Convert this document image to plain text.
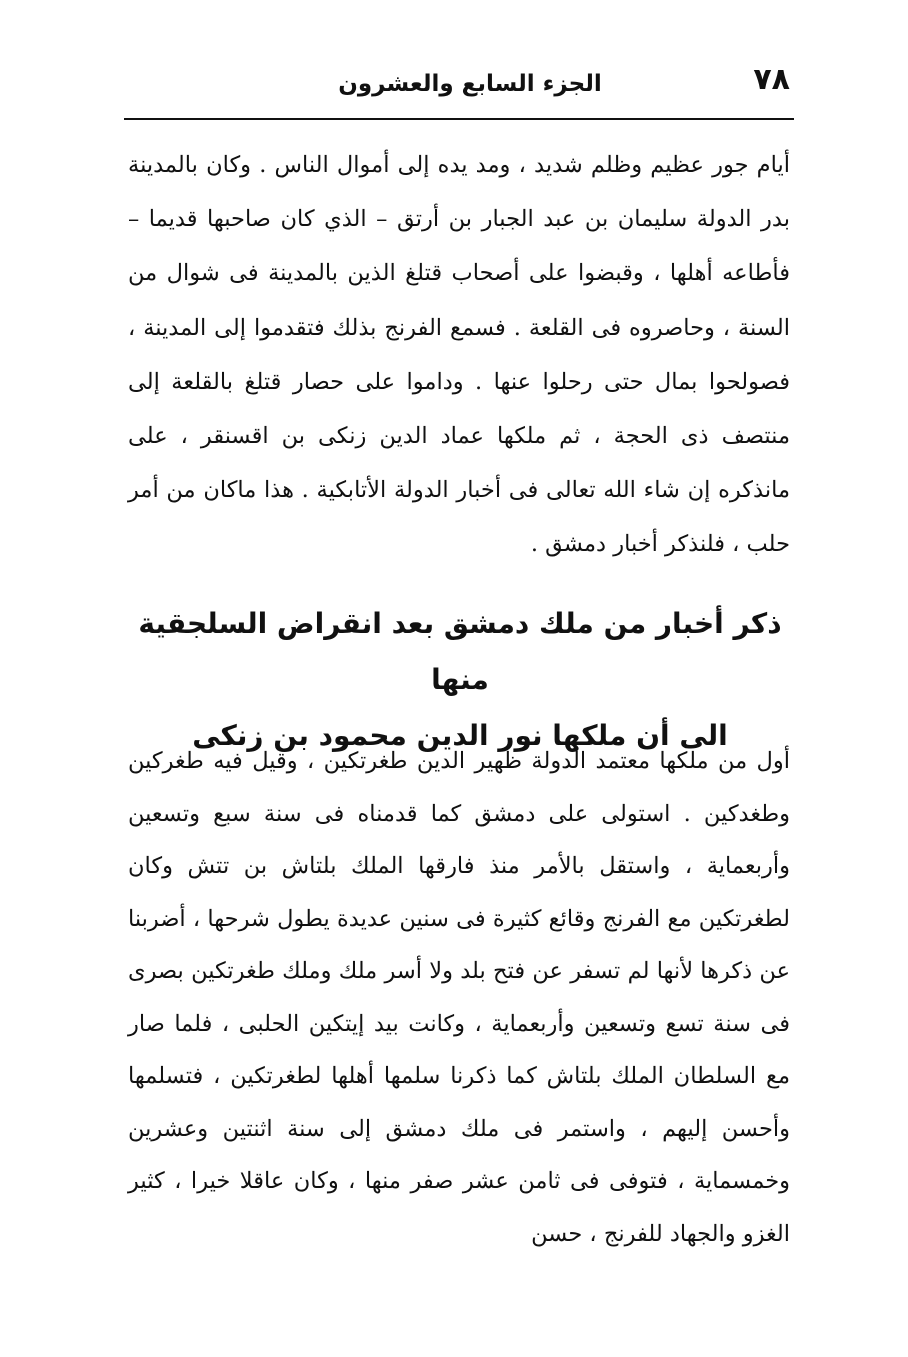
٧٨
الجزء السابع والعشرون

أيام جور عظيم وظلم شديد ، ومد يده إلى أموال الناس . وكان بالمدينة بدر الدولة سليمان بن عبد الجبار بن أرتق – الذي كان صاحبها قديما – فأطاعه أهلها ، وقبضوا على أصحاب قتلغ الذين بالمدينة فى شوال من السنة ، وحاصروه فى القلعة . فسمع الفرنج بذلك فتقدموا إلى المدينة ، فصولحوا بمال حتى رحلوا عنها . وداموا على حصار قتلغ بالقلعة إلى منتصف ذى الحجة ، ثم ملكها عماد الدين زنكى بن اقسنقر ، على مانذكره إن شاء الله تعالى فى أخبار الدولة الأتابكية . هذا ماكان من أمر حلب ، فلنذكر أخبار دمشق .

ذكر أخبار من ملك دمشق بعد انقراض السلجقية منها
الى أن ملكها نور الدين محمود بن زنكى

أول من ملكها معتمد الدولة ظهير الدين طغرتكين ، وقيل فيه طغركين وطغدكين . استولى على دمشق كما قدمناه فى سنة سبع وتسعين وأربعماية ، واستقل بالأمر منذ فارقها الملك بلتاش بن تتش وكان لطغرتكين مع الفرنج وقائع كثيرة فى سنين عديدة يطول شرحها ، أضربنا عن ذكرها لأنها لم تسفر عن فتح بلد ولا أسر ملك وملك طغرتكين بصرى فى سنة تسع وتسعين وأربعماية ، وكانت بيد إيتكين الحلبى ، فلما صار مع السلطان الملك بلتاش كما ذكرنا سلمها أهلها لطغرتكين ، فتسلمها وأحسن إليهم ، واستمر فى ملك دمشق إلى سنة اثنتين وعشرين وخمسماية ، فتوفى فى ثامن عشر صفر منها ، وكان عاقلا خيرا ، كثير الغزو والجهاد للفرنج ، حسن
